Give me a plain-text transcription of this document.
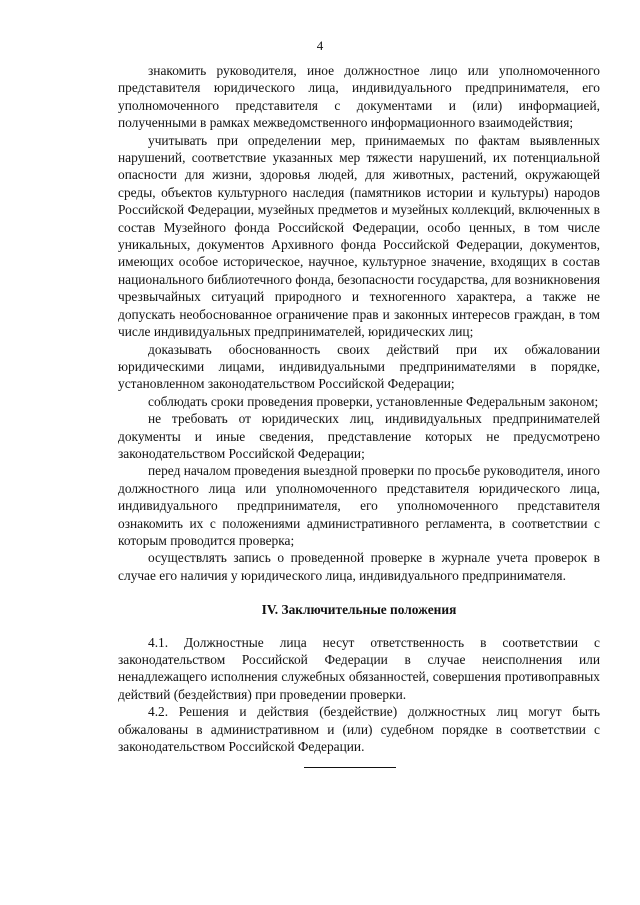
4

знакомить руководителя, иное должностное лицо или уполномоченного представителя юридического лица, индивидуального предпринимателя, его уполномоченного представителя с документами и (или) информацией, полученными в рамках межведомственного информационного взаимодействия;

учитывать при определении мер, принимаемых по фактам выявленных нарушений, соответствие указанных мер тяжести нарушений, их потенциальной опасности для жизни, здоровья людей, для животных, растений, окружающей среды, объектов культурного наследия (памятников истории и культуры) народов Российской Федерации, музейных предметов и музейных коллекций, включенных в состав Музейного фонда Российской Федерации, особо ценных, в том числе уникальных, документов Архивного фонда Российской Федерации, документов, имеющих особое историческое, научное, культурное значение, входящих в состав национального библиотечного фонда, безопасности государства, для возникновения чрезвычайных ситуаций природного и техногенного характера, а также не допускать необоснованное ограничение прав и законных интересов граждан, в том числе индивидуальных предпринимателей, юридических лиц;

доказывать обоснованность своих действий при их обжаловании юридическими лицами, индивидуальными предпринимателями в порядке, установленном законодательством Российской Федерации;

соблюдать сроки проведения проверки, установленные Федеральным законом;

не требовать от юридических лиц, индивидуальных предпринимателей документы и иные сведения, представление которых не предусмотрено законодательством Российской Федерации;

перед началом проведения выездной проверки по просьбе руководителя, иного должностного лица или уполномоченного представителя юридического лица, индивидуального предпринимателя, его уполномоченного представителя ознакомить их с положениями административного регламента, в соответствии с которым проводится проверка;

осуществлять запись о проведенной проверке в журнале учета проверок в случае его наличия у юридического лица, индивидуального предпринимателя.

IV. Заключительные положения

4.1. Должностные лица несут ответственность в соответствии с законодательством Российской Федерации в случае неисполнения или ненадлежащего исполнения служебных обязанностей, совершения противоправных действий (бездействия) при проведении проверки.

4.2. Решения и действия (бездействие) должностных лиц могут быть обжалованы в административном и (или) судебном порядке в соответствии с законодательством Российской Федерации.
